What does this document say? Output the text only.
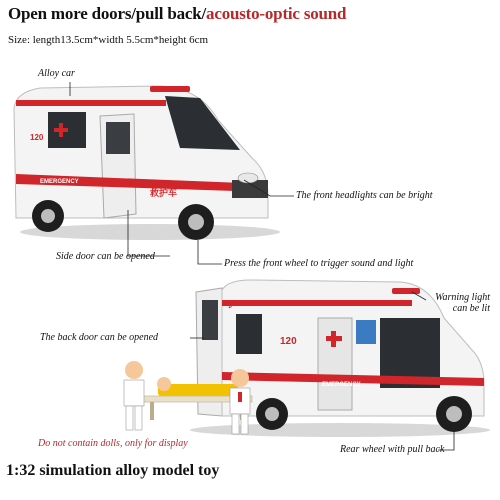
Open more doors/pull back/acousto-optic sound
Size: length13.5cm*width 5.5cm*height 6cm
120
EMERGENCY
救护车
护
120
EMERGENCY
Alloy car
The front headlights can be bright
Side door can be opened
Press the front wheel to trigger sound and light
Warning light can be lit
The back door can be opened
Do not contain dolls, only for display
Rear wheel with pull back
1:32 simulation alloy model toy
